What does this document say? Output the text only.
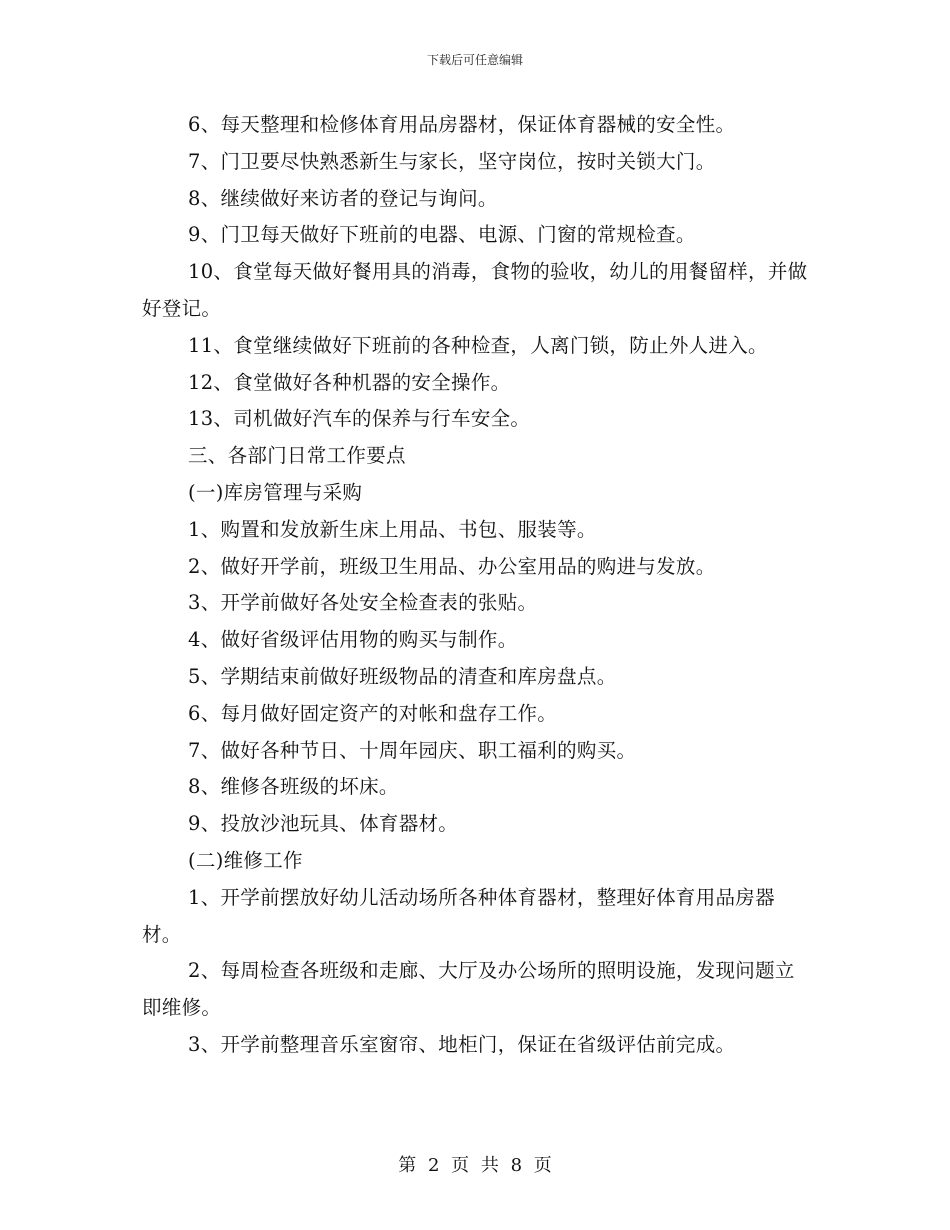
下载后可任意编辑

6、每天整理和检修体育用品房器材，保证体育器械的安全性。

7、门卫要尽快熟悉新生与家长，坚守岗位，按时关锁大门。

8、继续做好来访者的登记与询问。

9、门卫每天做好下班前的电器、电源、门窗的常规检查。

10、食堂每天做好餐用具的消毒，食物的验收，幼儿的用餐留样，并做好登记。

11、食堂继续做好下班前的各种检查，人离门锁，防止外人进入。

12、食堂做好各种机器的安全操作。

13、司机做好汽车的保养与行车安全。

三、各部门日常工作要点

(一)库房管理与采购

1、购置和发放新生床上用品、书包、服装等。

2、做好开学前，班级卫生用品、办公室用品的购进与发放。

3、开学前做好各处安全检查表的张贴。

4、做好省级评估用物的购买与制作。

5、学期结束前做好班级物品的清查和库房盘点。

6、每月做好固定资产的对帐和盘存工作。

7、做好各种节日、十周年园庆、职工福利的购买。

8、维修各班级的坏床。

9、投放沙池玩具、体育器材。

(二)维修工作

1、开学前摆放好幼儿活动场所各种体育器材，整理好体育用品房器材。

2、每周检查各班级和走廊、大厅及办公场所的照明设施，发现问题立即维修。

3、开学前整理音乐室窗帘、地柜门，保证在省级评估前完成。

第 2 页 共 8 页
